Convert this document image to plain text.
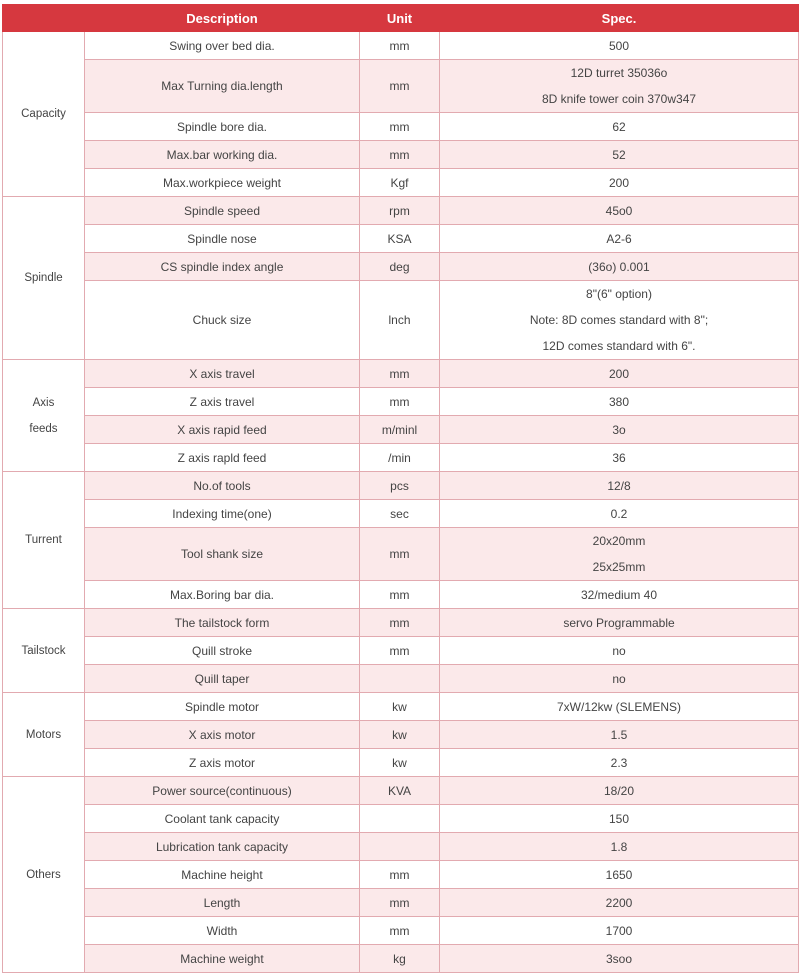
	Description	Unit	Spec.

Capacity	Swing over bed dia.	mm	500

	Max Turning dia.length	mm	12D turret 35036o
8D knife tower coin 370w347

	Spindle bore dia.	mm	62

	Max.bar working dia.	mm	52

	Max.workpiece weight	Kgf	200

Spindle	Spindle speed	rpm	45o0

	Spindle nose	KSA	A2-6

	CS spindle index angle	deg	(36o) 0.001

	Chuck size	lnch	8"(6" option)
Note: 8D comes standard with 8";
12D comes standard with 6".

Axis
feeds	X axis travel	mm	200

	Z axis travel	mm	380

	X axis rapid feed	m/minl	3o

	Z axis rapld feed	/min	36

Turrent	No.of tools	pcs	12/8

	Indexing time(one)	sec	0.2

	Tool shank size	mm	20x20mm
25x25mm

	Max.Boring bar dia.	mm	32/medium 40

Tailstock	The tailstock form	mm	servo Programmable

	Quill stroke	mm	no

	Quill taper		no

Motors	Spindle motor	kw	7xW/12kw (SLEMENS)

	X axis motor	kw	1.5

	Z axis motor	kw	2.3

Others	Power source(continuous)	KVA	18/20

	Coolant tank capacity		150

	Lubrication tank capacity		1.8

	Machine height	mm	1650

	Length	mm	2200

	Width	mm	1700

	Machine weight	kg	3soo
